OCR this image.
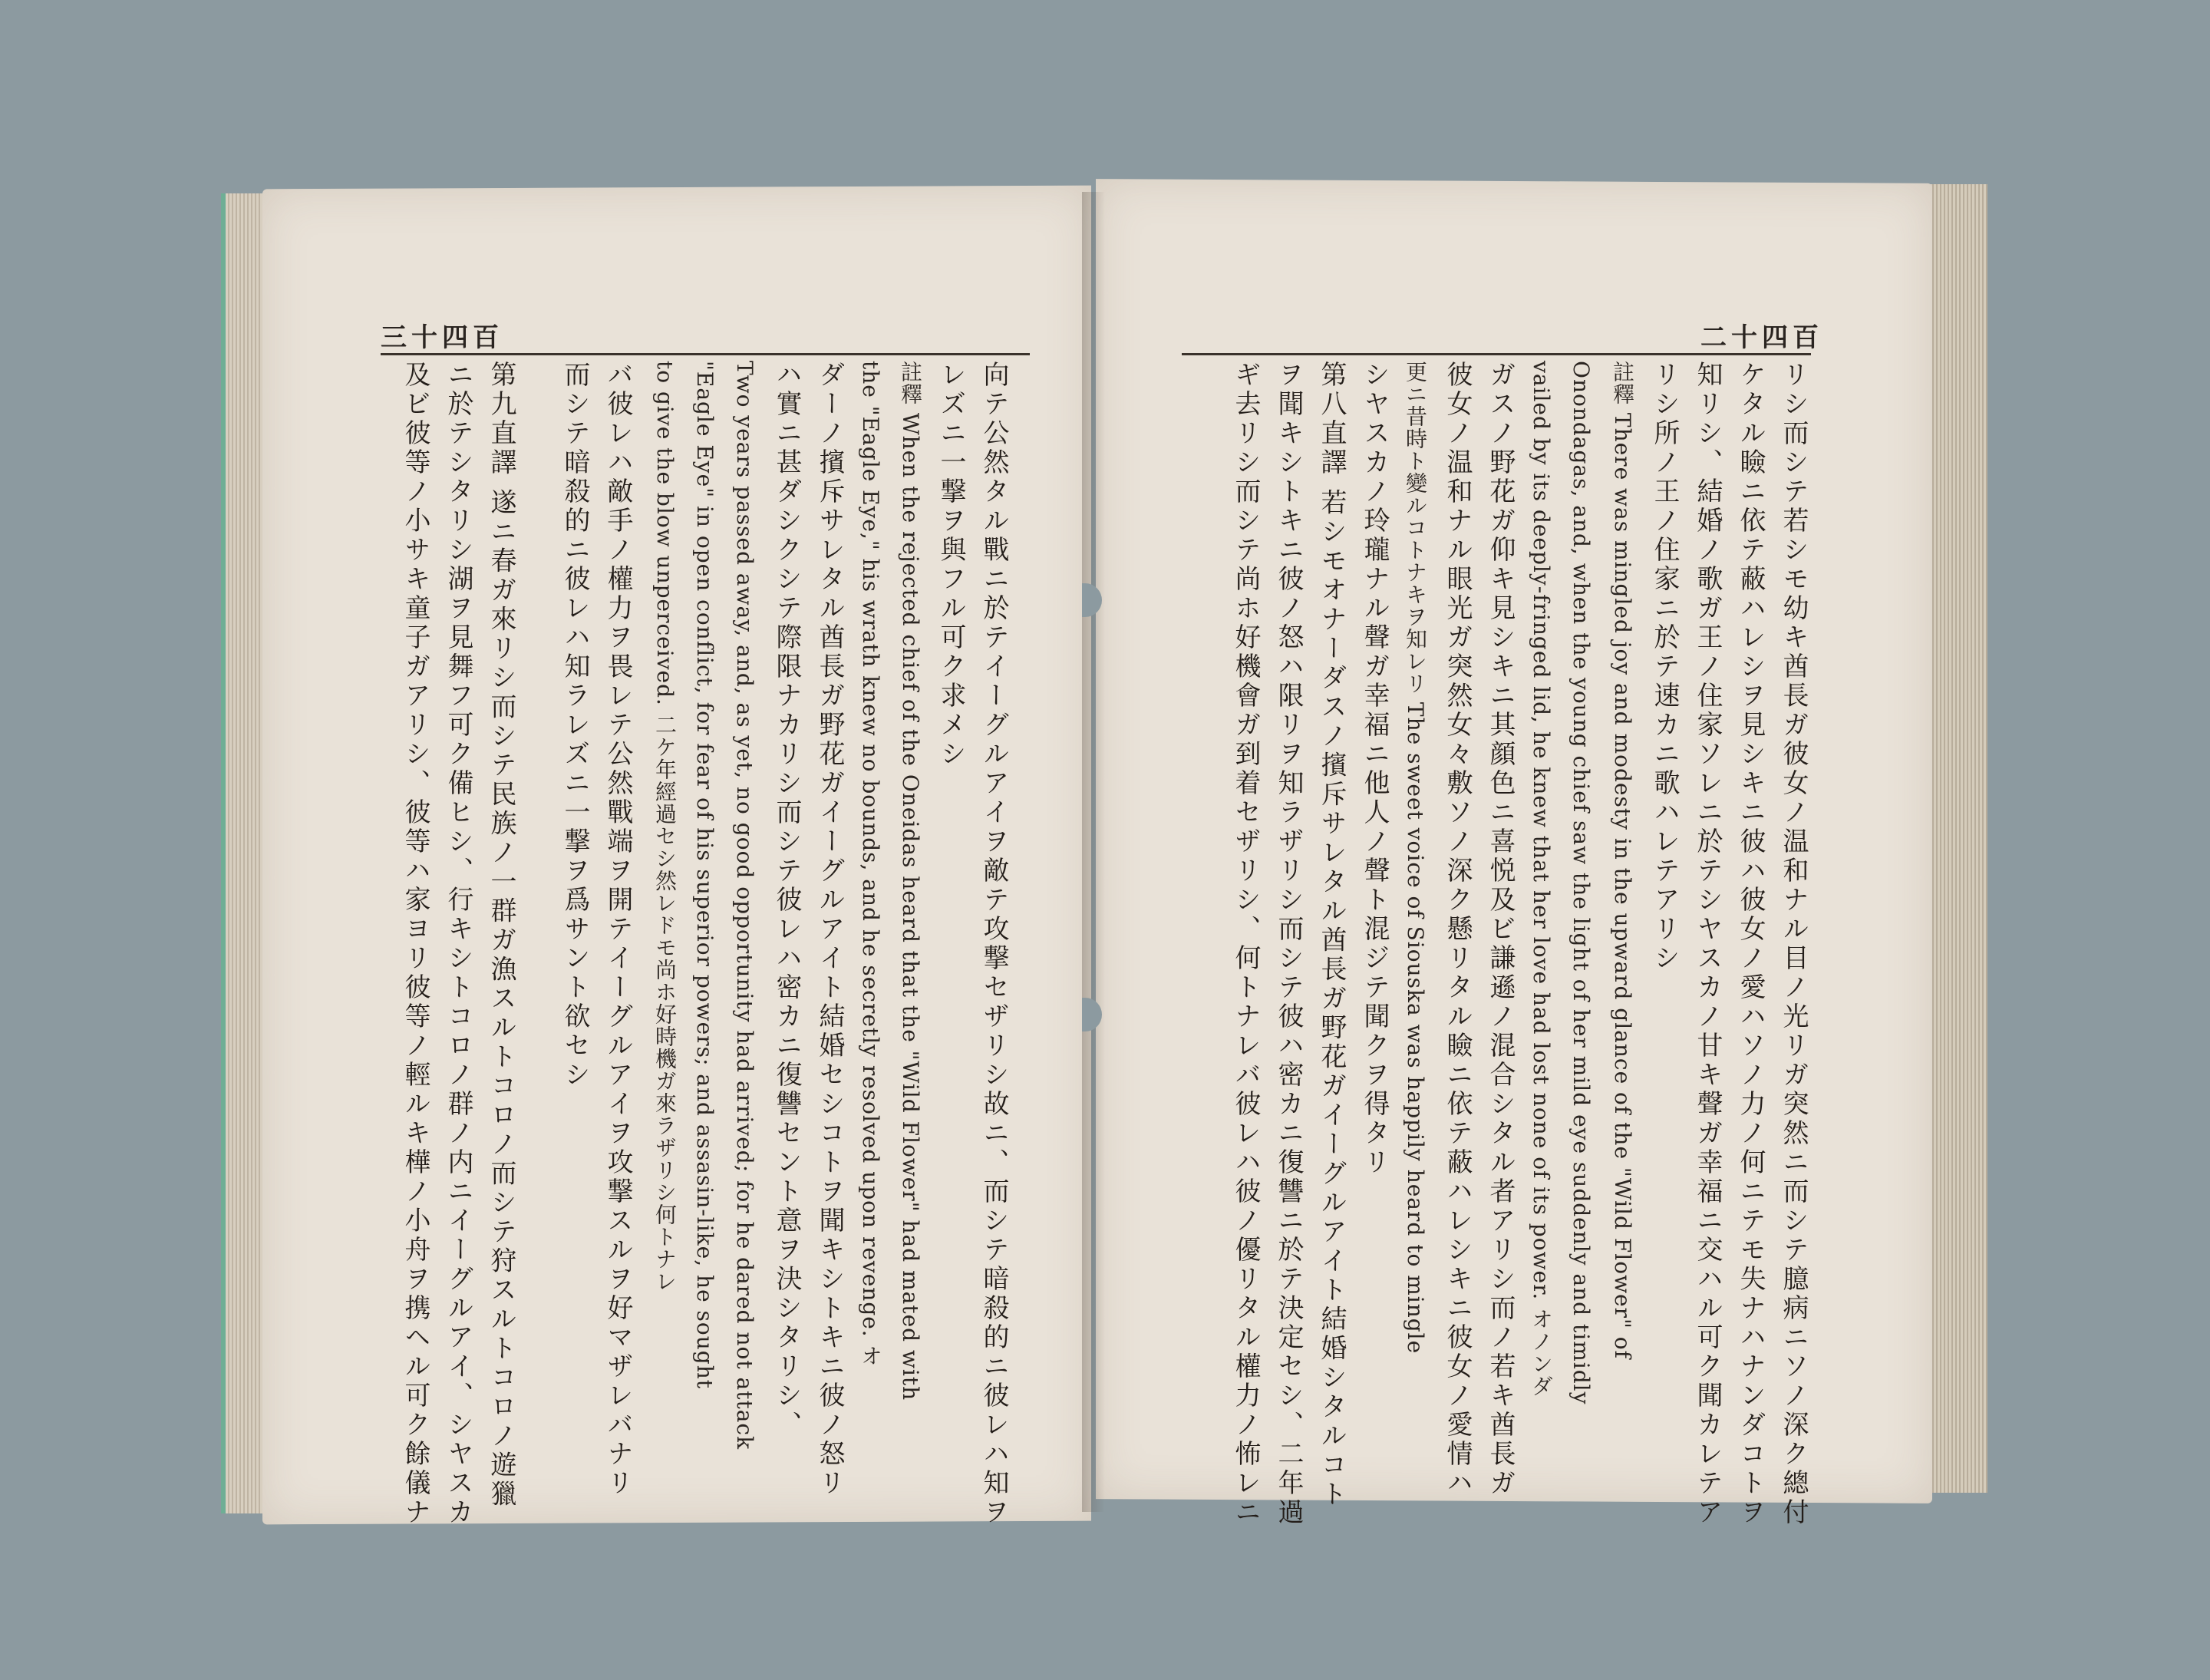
三十四百
向テ公然タル戰ニ於テイーグルアイヲ敵テ攻撃セザリシ故ニ、而シテ暗殺的ニ彼レハ知ヲ
レズニ一撃ヲ與フル可ク求メシ
註釋 When the rejected chief of the Oneidas heard that the "Wild Flower" had mated with
the "Eagle Eye," his wrath knew no bounds, and he secretly resolved upon revenge. オ
ダーノ擯斥サレタル酋長ガ野花ガイーグルアイト結婚セシコトヲ聞キシトキニ彼ノ怒リ
ハ實ニ甚ダシクシテ際限ナカリシ而シテ彼レハ密カニ復讐セント意ヲ決シタリシ、
Two years passed away, and, as yet, no good opportunity had arrived; for he dared not attack
"Eagle Eye" in open conflict, for fear of his superior powers; and assasin-like, he sought
to give the blow unperceived. 二ケ年經過セシ然レドモ尚ホ好時機ガ來ラザリシ何トナレ
バ彼レハ敵手ノ權力ヲ畏レテ公然戰端ヲ開テイーグルアイヲ攻撃スルヲ好マザレバナリ
而シテ暗殺的ニ彼レハ知ラレズニ一撃ヲ爲サント欲セシ
第九直譯 遂ニ春ガ來リシ而シテ民族ノ一群ガ漁スルトコロノ而シテ狩スルトコロノ遊獵
ニ於テシタリシ湖ヲ見舞フ可ク備ヒシ、行キシトコロノ群ノ内ニイーグルアイ、シヤスカ
及ビ彼等ノ小サキ童子ガアリシ、彼等ハ家ヨリ彼等ノ輕ルキ樺ノ小舟ヲ携ヘル可ク餘儀ナ
二十四百
リシ而シテ若シモ幼キ酋長ガ彼女ノ温和ナル目ノ光リガ突然ニ而シテ臆病ニソノ深ク總付
ケタル瞼ニ依テ蔽ハレシヲ見シキニ彼ハ彼女ノ愛ハソノ力ノ何ニテモ失ナハナンダコトヲ
知リシ、結婚ノ歌ガ王ノ住家ソレニ於テシヤスカノ甘キ聲ガ幸福ニ交ハル可ク聞カレテア
リシ所ノ王ノ住家ニ於テ速カニ歌ハレテアリシ
註釋 There was mingled joy and modesty in the upward glance of the "Wild Flower" of
Onondagas, and, when the young chief saw the light of her mild eye suddenly and timidly
vailed by its deeply-fringed lid, he knew that her love had lost none of its power. オノンダ
ガスノ野花ガ仰キ見シキニ其顔色ニ喜悦及ビ謙遜ノ混合シタル者アリシ而ノ若キ酋長ガ
彼女ノ温和ナル眼光ガ突然女々敷ソノ深ク懸リタル瞼ニ依テ蔽ハレシキニ彼女ノ愛情ハ
更ニ昔時ト變ルコトナキヲ知レリ The sweet voice of Siouska was happily heard to mingle
シヤスカノ玲瓏ナル聲ガ幸福ニ他人ノ聲ト混ジテ聞クヲ得タリ
第八直譯 若シモオナーダスノ擯斥サレタル酋長ガ野花ガイーグルアイト結婚シタルコト
ヲ聞キシトキニ彼ノ怒ハ限リヲ知ラザリシ而シテ彼ハ密カニ復讐ニ於テ決定セシ、二年過
ギ去リシ而シテ尚ホ好機會ガ到着セザリシ、何トナレバ彼レハ彼ノ優リタル權力ノ怖レニ
